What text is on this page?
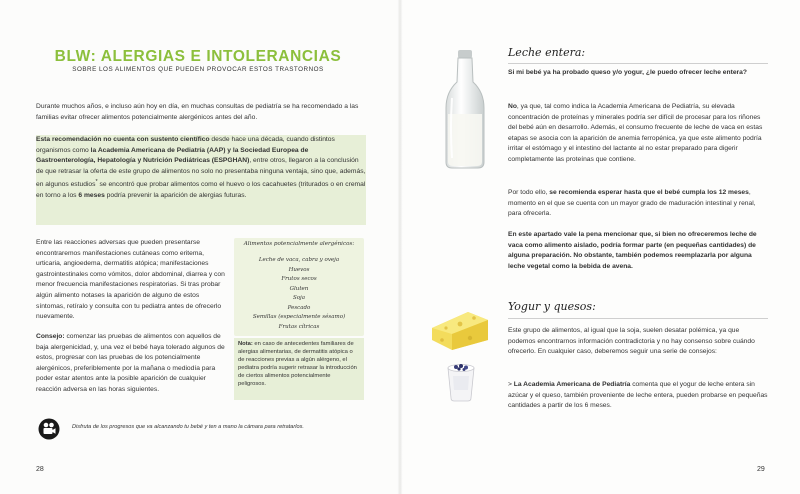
BLW: ALERGIAS E INTOLERANCIAS
SOBRE LOS ALIMENTOS QUE PUEDEN PROVOCAR ESTOS TRASTORNOS

Durante muchos años, e incluso aún hoy en día, en muchas consultas de pediatría se ha recomendado a las familias evitar ofrecer alimentos potencialmente alergénicos antes del año.

Esta recomendación no cuenta con sustento científico desde hace una década, cuando distintos organismos como la Academia Americana de Pediatría (AAP) y la Sociedad Europea de Gastroenterología, Hepatología y Nutrición Pediátricas (ESPGHAN), entre otros, llegaron a la conclusión de que retrasar la oferta de este grupo de alimentos no solo no presentaba ninguna ventaja, sino que, además, en algunos estudios* se encontró que probar alimentos como el huevo o los cacahuetes (triturados o en cremal en torno a los 6 meses podría prevenir la aparición de alergias futuras.

Entre las reacciones adversas que pueden presentarse encontraremos manifestaciones cutáneas como eritema, urticaria, angioedema, dermatitis atópica; manifestaciones gastrointestinales como vómitos, dolor abdominal, diarrea y con menor frecuencia manifestaciones respiratorias. Si tras probar algún alimento notases la aparición de alguno de estos síntomas, retíralo y consulta con tu pediatra antes de ofrecerlo nuevamente.

Consejo: comenzar las pruebas de alimentos con aquellos de baja alergenicidad, y, una vez el bebé haya tolerado algunos de estos, progresar con las pruebas de los potencialmente alergénicos, preferiblemente por la mañana o mediodía para poder estar atentos ante la posible aparición de cualquier reacción adversa en las horas siguientes.

Alimentos potencialmente alergénicos:
Leche de vaca, cabra y oveja
Huevos
Frutos secos
Gluten
Soja
Pescado
Semillas (especialmente sésamo)
Frutas cítricas

Nota: en caso de antecedentes familiares de alergias alimentarias, de dermatitis atópica o de reacciones previas a algún alérgeno, el pediatra podría sugerir retrasar la introducción de ciertos alimentos potencialmente peligrosos.

Disfruta de los progresos que va alcanzando tu bebé y ten a mano la cámara para retratarlos.

28
Leche entera:

Si mi bebé ya ha probado queso y/o yogur, ¿le puedo ofrecer leche entera?

No, ya que, tal como indica la Academia Americana de Pediatría, su elevada concentración de proteínas y minerales podría ser difícil de procesar para los riñones del bebé aún en desarrollo. Además, el consumo frecuente de leche de vaca en estas etapas se asocia con la aparición de anemia ferropénica, ya que este alimento podría irritar el estómago y el intestino del lactante al no estar preparado para digerir completamente las proteínas que contiene.

Por todo ello, se recomienda esperar hasta que el bebé cumpla los 12 meses, momento en el que se cuenta con un mayor grado de maduración intestinal y renal, para ofrecerla.

En este apartado vale la pena mencionar que, si bien no ofreceremos leche de vaca como alimento aislado, podría formar parte (en pequeñas cantidades) de alguna preparación. No obstante, también podemos reemplazarla por alguna leche vegetal como la bebida de avena.

Yogur y quesos:

Este grupo de alimentos, al igual que la soja, suelen desatar polémica, ya que podemos encontrarnos información contradictoria y no hay consenso sobre cuándo ofrecerlo. En cualquier caso, deberemos seguir una serie de consejos:

> La Academia Americana de Pediatría comenta que el yogur de leche entera sin azúcar y el queso, también proveniente de leche entera, pueden probarse en pequeñas cantidades a partir de los 6 meses.

29
